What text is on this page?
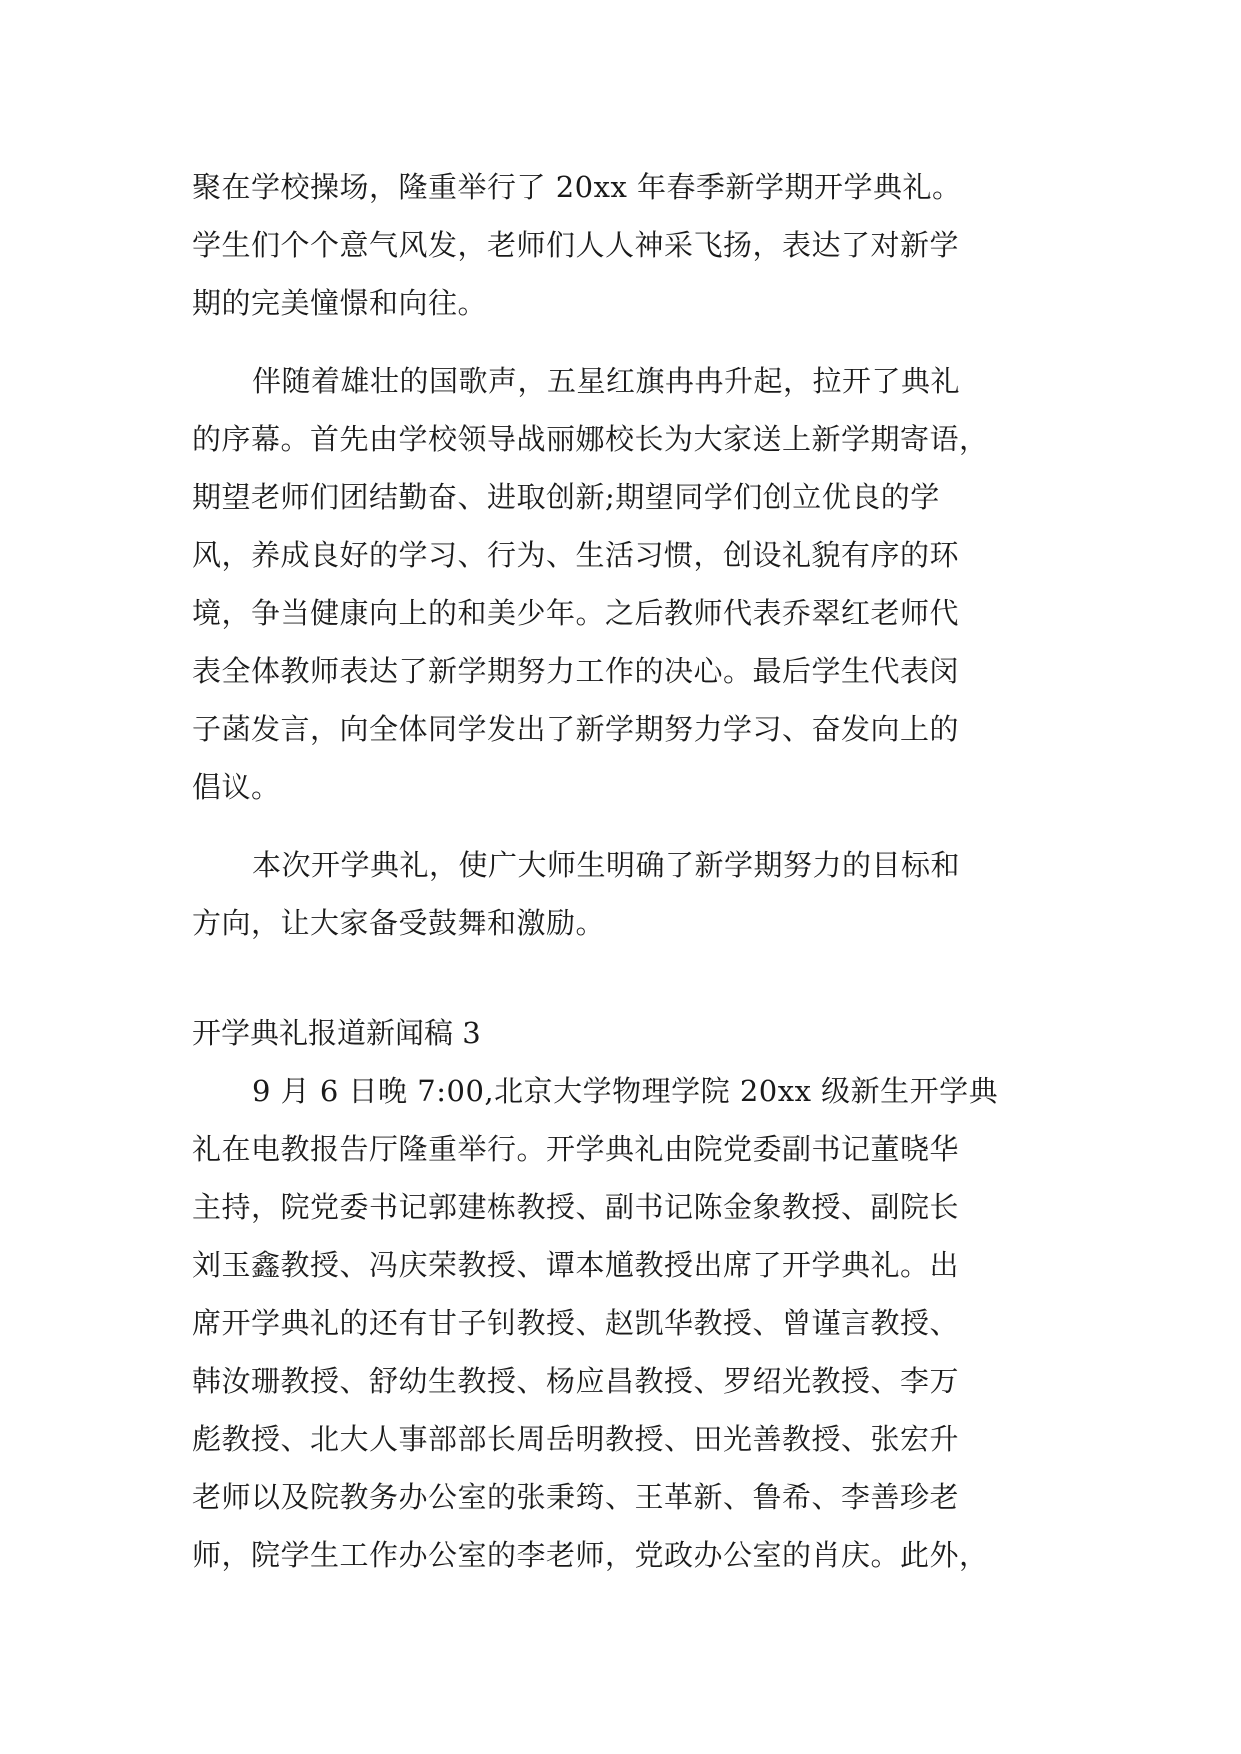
聚在学校操场，隆重举行了 20xx 年春季新学期开学典礼。
学生们个个意气风发，老师们人人神采飞扬，表达了对新学
期的完美憧憬和向往。
伴随着雄壮的国歌声，五星红旗冉冉升起，拉开了典礼
的序幕。首先由学校领导战丽娜校长为大家送上新学期寄语，
期望老师们团结勤奋、进取创新;期望同学们创立优良的学
风，养成良好的学习、行为、生活习惯，创设礼貌有序的环
境，争当健康向上的和美少年。之后教师代表乔翠红老师代
表全体教师表达了新学期努力工作的决心。最后学生代表闵
子菡发言，向全体同学发出了新学期努力学习、奋发向上的
倡议。
本次开学典礼，使广大师生明确了新学期努力的目标和
方向，让大家备受鼓舞和激励。
开学典礼报道新闻稿 3
9 月 6 日晚 7:00,北京大学物理学院 20xx 级新生开学典
礼在电教报告厅隆重举行。开学典礼由院党委副书记董晓华
主持，院党委书记郭建栋教授、副书记陈金象教授、副院长
刘玉鑫教授、冯庆荣教授、谭本馗教授出席了开学典礼。出
席开学典礼的还有甘子钊教授、赵凯华教授、曾谨言教授、
韩汝珊教授、舒幼生教授、杨应昌教授、罗绍光教授、李万
彪教授、北大人事部部长周岳明教授、田光善教授、张宏升
老师以及院教务办公室的张秉筠、王革新、鲁希、李善珍老
师，院学生工作办公室的李老师，党政办公室的肖庆。此外，
